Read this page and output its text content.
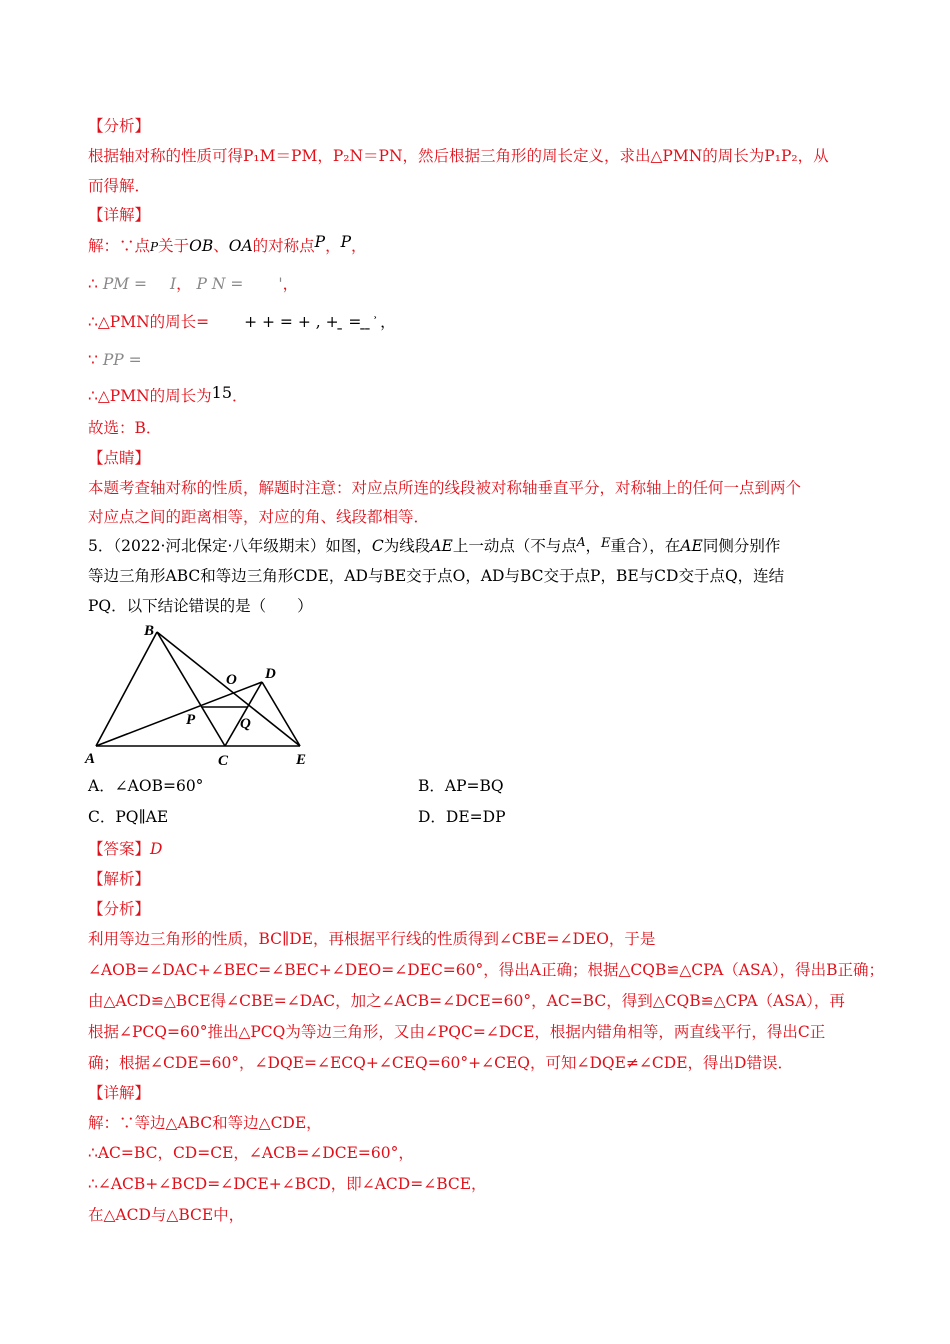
【分析】
根据轴对称的性质可得P₁M＝PM，P₂N＝PN，然后根据三角形的周长定义，求出△PMN的周长为P₁P₂，从
而得解．
【详解】
解：∵点P关于OB、OA的对称点P，P，
∴ PM = I， P N = '，
∴△PMN的周长= + + = + , + ̱ = ̱ ̱ ͐ ，
∵ PP =
∴△PMN的周长为15．
故选：B．
【点睛】
本题考查轴对称的性质，解题时注意：对应点所连的线段被对称轴垂直平分，对称轴上的任何一点到两个
对应点之间的距离相等，对应的角、线段都相等．
5．（2022·河北保定·八年级期末）如图，C为线段AE上一动点（不与点$^A$，$^E$重合），在AE同侧分别作
等边三角形ABC和等边三角形CDE，AD与BE交于点O，AD与BC交于点P，BE与CD交于点Q，连结
PQ．以下结论错误的是（　　）
B
A	C
D
E
O
P	Q
A．∠AOB=60°	B．AP=BQ
C．PQ∥AE	D．DE=DP
【答案】D
【解析】
【分析】
利用等边三角形的性质，BC∥DE，再根据平行线的性质得到∠CBE=∠DEO，于是
∠AOB=∠DAC+∠BEC=∠BEC+∠DEO=∠DEC=60°，得出A正确；根据△CQB≌△CPA（ASA），得出B正确；
由△ACD≌△BCE得∠CBE=∠DAC，加之∠ACB=∠DCE=60°，AC=BC，得到△CQB≌△CPA（ASA），再
根据∠PCQ=60°推出△PCQ为等边三角形，又由∠PQC=∠DCE，根据内错角相等，两直线平行，得出C正
确；根据∠CDE=60°，∠DQE=∠ECQ+∠CEQ=60°+∠CEQ，可知∠DQE≠∠CDE，得出D错误．
【详解】
解：∵等边△ABC和等边△CDE，
∴AC=BC，CD=CE，∠ACB=∠DCE=60°，
∴∠ACB+∠BCD=∠DCE+∠BCD，即∠ACD=∠BCE，
在△ACD与△BCE中，
